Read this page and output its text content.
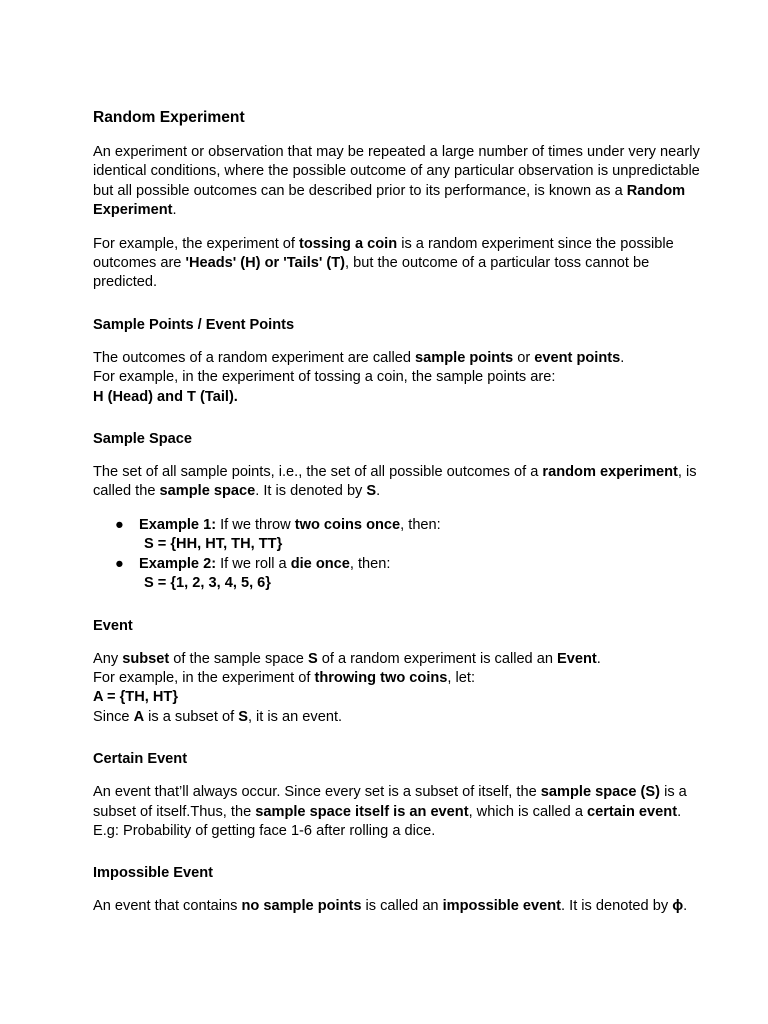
Random Experiment
An experiment or observation that may be repeated a large number of times under very nearly identical conditions, where the possible outcome of any particular observation is unpredictable but all possible outcomes can be described prior to its performance, is known as a Random Experiment.
For example, the experiment of tossing a coin is a random experiment since the possible outcomes are 'Heads' (H) or 'Tails' (T), but the outcome of a particular toss cannot be predicted.
Sample Points / Event Points
The outcomes of a random experiment are called sample points or event points.
For example, in the experiment of tossing a coin, the sample points are:
H (Head) and T (Tail).
Sample Space
The set of all sample points, i.e., the set of all possible outcomes of a random experiment, is called the sample space. It is denoted by S.
● Example 1: If we throw two coins once, then:
S = {HH, HT, TH, TT}
● Example 2: If we roll a die once, then:
S = {1, 2, 3, 4, 5, 6}
Event
Any subset of the sample space S of a random experiment is called an Event.
For example, in the experiment of throwing two coins, let:
A = {TH, HT}
Since A is a subset of S, it is an event.
Certain Event
An event that’ll always occur. Since every set is a subset of itself, the sample space (S) is a subset of itself.Thus, the sample space itself is an event, which is called a certain event. E.g: Probability of getting face 1-6 after rolling a dice.
Impossible Event
An event that contains no sample points is called an impossible event. It is denoted by ϕ.
